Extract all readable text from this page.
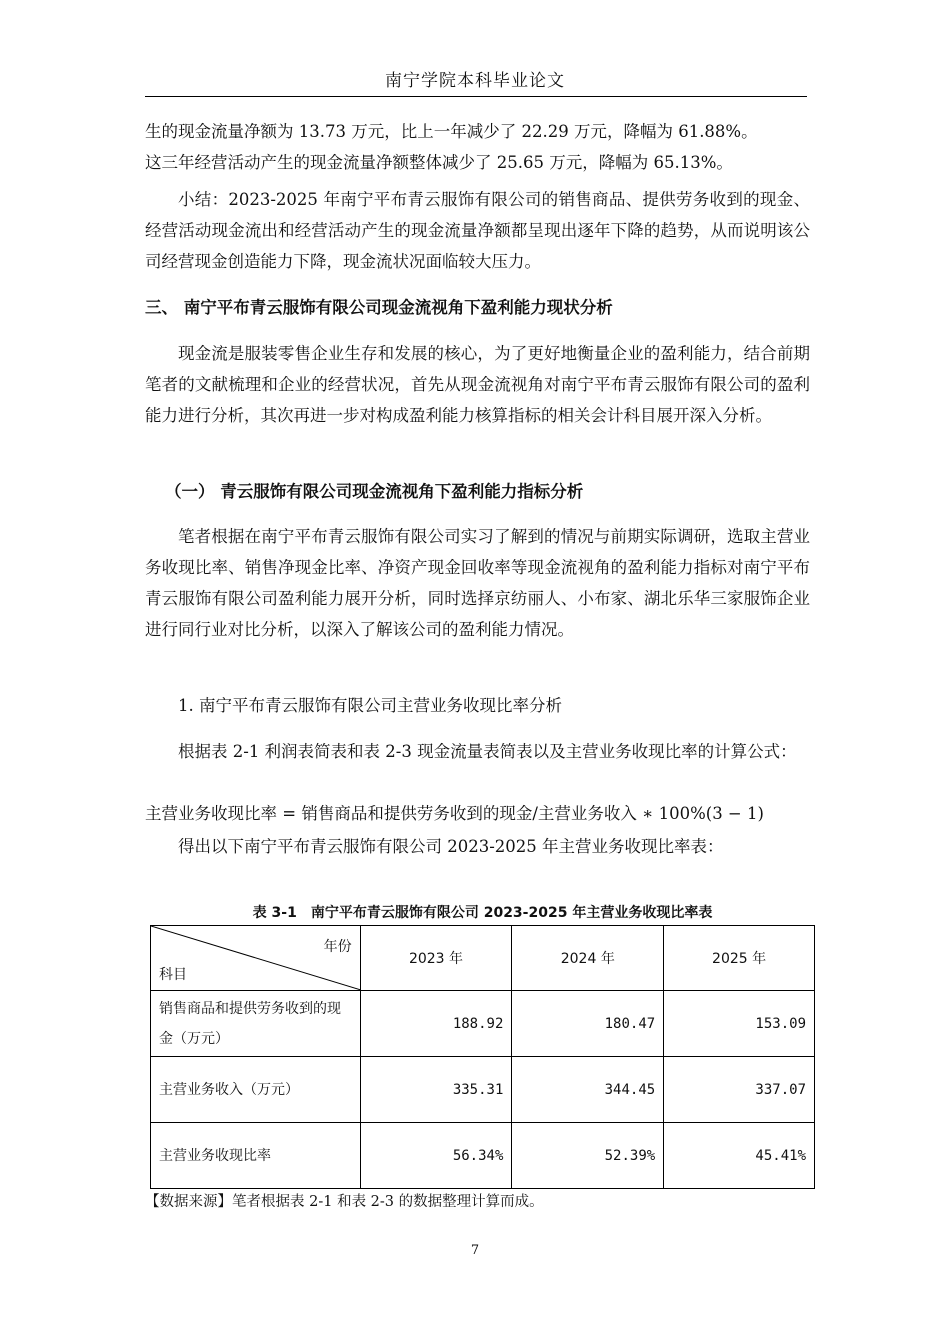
南宁学院本科毕业论文
生的现金流量净额为 13.73 万元，比上一年减少了 22.29 万元，降幅为 61.88%。
这三年经营活动产生的现金流量净额整体减少了 25.65 万元，降幅为 65.13%。
小结：2023-2025 年南宁平布青云服饰有限公司的销售商品、提供劳务收到的现金、经营活动现金流出和经营活动产生的现金流量净额都呈现出逐年下降的趋势，从而说明该公司经营现金创造能力下降，现金流状况面临较大压力。
三、 南宁平布青云服饰有限公司现金流视角下盈利能力现状分析
现金流是服装零售企业生存和发展的核心，为了更好地衡量企业的盈利能力，结合前期笔者的文献梳理和企业的经营状况，首先从现金流视角对南宁平布青云服饰有限公司的盈利能力进行分析，其次再进一步对构成盈利能力核算指标的相关会计科目展开深入分析。
（一） 青云服饰有限公司现金流视角下盈利能力指标分析
笔者根据在南宁平布青云服饰有限公司实习了解到的情况与前期实际调研，选取主营业务收现比率、销售净现金比率、净资产现金回收率等现金流视角的盈利能力指标对南宁平布青云服饰有限公司盈利能力展开分析，同时选择京纺丽人、小布家、湖北乐华三家服饰企业进行同行业对比分析，以深入了解该公司的盈利能力情况。
1. 南宁平布青云服饰有限公司主营业务收现比率分析
根据表 2-1 利润表简表和表 2-3 现金流量表简表以及主营业务收现比率的计算公式：
主营业务收现比率 = 销售商品和提供劳务收到的现金/主营业务收入 ∗ 100%(3 − 1)
得出以下南宁平布青云服饰有限公司 2023-2025 年主营业务收现比率表：
表 3-1　南宁平布青云服饰有限公司 2023-2025 年主营业务收现比率表
年份
科目	2023 年	2024 年	2025 年
销售商品和提供劳务收到的现金（万元）	188.92	180.47	153.09
主营业务收入（万元）	335.31	344.45	337.07
主营业务收现比率	56.34%	52.39%	45.41%
【数据来源】笔者根据表 2-1 和表 2-3 的数据整理计算而成。
7
